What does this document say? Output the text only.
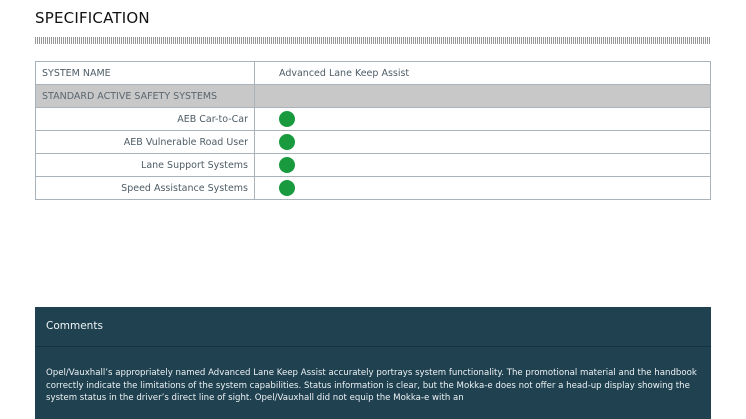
SPECIFICATION
SYSTEM NAME	Advanced Lane Keep Assist
STANDARD ACTIVE SAFETY SYSTEMS	
AEB Car-to-Car	
AEB Vulnerable Road User	
Lane Support Systems	
Speed Assistance Systems	
Comments
Opel/Vauxhall’s appropriately named Advanced Lane Keep Assist accurately portrays system functionality. The promotional material and the handbook correctly indicate the limitations of the system capabilities. Status information is clear, but the Mokka-e does not offer a head-up display showing the system status in the driver’s direct line of sight. Opel/Vauxhall did not equip the Mokka-e with an
